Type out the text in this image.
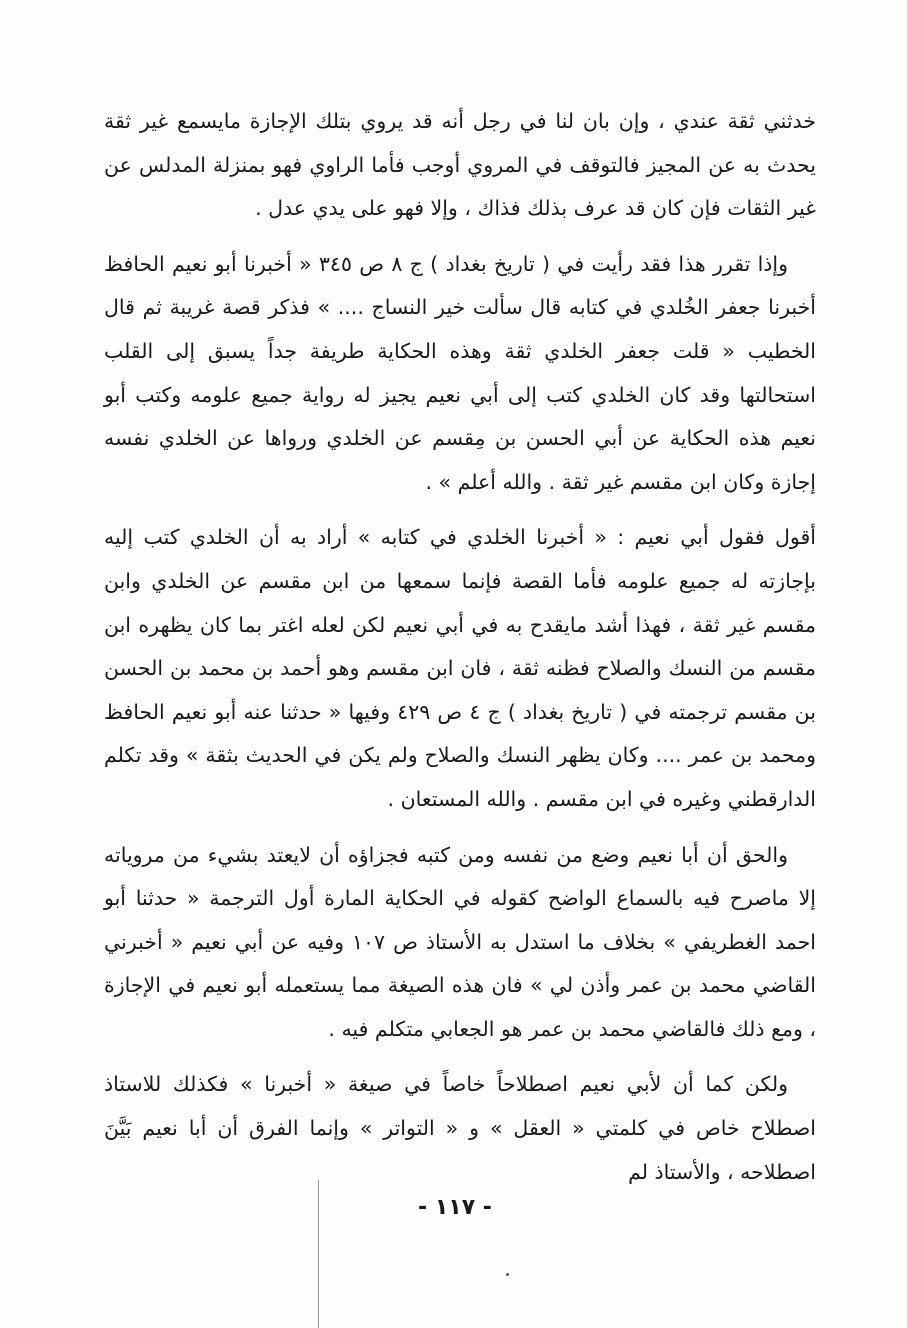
خدثني ثقة عندي ، وإن بان لنا في رجل أنه قد يروي بتلك الإجازة مايسمع غير ثقة يحدث به عن المجيز فالتوقف في المروي أوجب فأما الراوي فهو بمنزلة المدلس عن غير الثقات فإن كان قد عرف بذلك فذاك ، وإلا فهو على يدي عدل .

وإذا تقرر هذا فقد رأيت في ( تاريخ بغداد ) ج ٨ ص ٣٤٥ « أخبرنا أبو نعيم الحافظ أخبرنا جعفر الخُلدي في كتابه قال سألت خير النساج .... » فذكر قصة غريبة ثم قال الخطيب « قلت جعفر الخلدي ثقة وهذه الحكاية طريفة جداً يسبق إلى القلب استحالتها وقد كان الخلدي كتب إلى أبي نعيم يجيز له رواية جميع علومه وكتب أبو نعيم هذه الحكاية عن أبي الحسن بن مِقسم عن الخلدي ورواها عن الخلدي نفسه إجازة وكان ابن مقسم غير ثقة . والله أعلم » .

أقول فقول أبي نعيم : « أخبرنا الخلدي في كتابه » أراد به أن الخلدي كتب إليه بإجازته له جميع علومه فأما القصة فإنما سمعها من ابن مقسم عن الخلدي وابن مقسم غير ثقة ، فهذا أشد مايقدح به في أبي نعيم لكن لعله اغتر بما كان يظهره ابن مقسم من النسك والصلاح فظنه ثقة ، فان ابن مقسم وهو أحمد بن محمد بن الحسن بن مقسم ترجمته في ( تاريخ بغداد ) ج ٤ ص ٤٢٩ وفيها « حدثنا عنه أبو نعيم الحافظ ومحمد بن عمر .... وكان يظهر النسك والصلاح ولم يكن في الحديث بثقة » وقد تكلم الدارقطني وغيره في ابن مقسم . والله المستعان .

والحق أن أبا نعيم وضع من نفسه ومن كتبه فجزاؤه أن لايعتد بشيء من مروياته إلا ماصرح فيه بالسماع الواضح كقوله في الحكاية المارة أول الترجمة « حدثنا أبو احمد الغطريفي » بخلاف ما استدل به الأستاذ ص ١٠٧ وفيه عن أبي نعيم « أخبرني القاضي محمد بن عمر وأذن لي » فان هذه الصيغة مما يستعمله أبو نعيم في الإجازة ، ومع ذلك فالقاضي محمد بن عمر هو الجعابي متكلم فيه .

ولكن كما أن لأبي نعيم اصطلاحاً خاصاً في صيغة « أخبرنا » فكذلك للاستاذ اصطلاح خاص في كلمتي « العقل » و « التواتر » وإنما الفرق أن أبا نعيم بَيَّنَ اصطلاحه ، والأستاذ لم

- ١١٧ -
